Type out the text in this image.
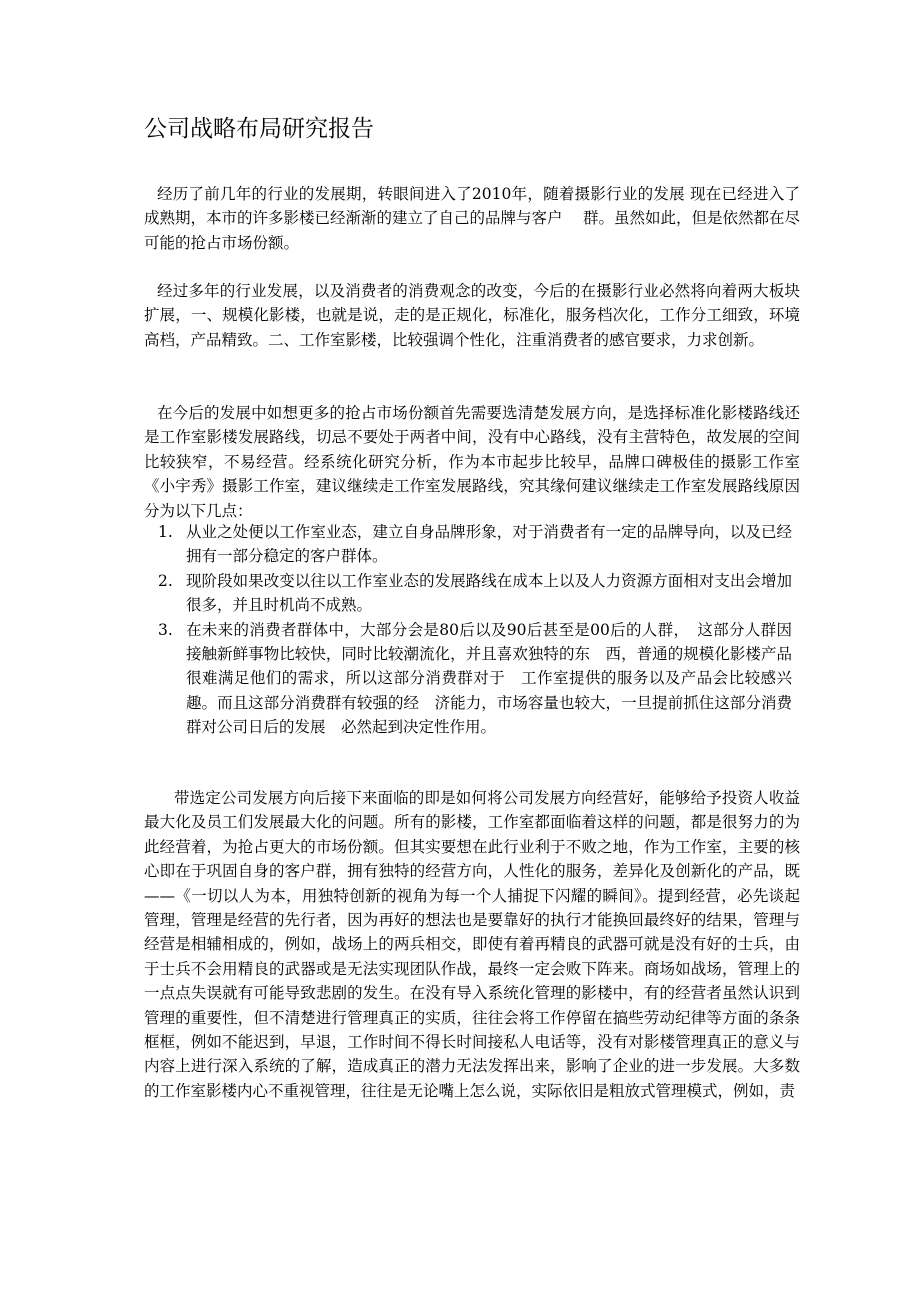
公司战略布局研究报告

经历了前几年的行业的发展期，转眼间进入了2010年，随着摄影行业的发展 现在已经进入了成熟期，本市的许多影楼已经渐渐的建立了自己的品牌与客户　 群。虽然如此，但是依然都在尽可能的抢占市场份额。

经过多年的行业发展，以及消费者的消费观念的改变，今后的在摄影行业必然将向着两大板块扩展，一、规模化影楼，也就是说，走的是正规化，标准化，服务档次化，工作分工细致，环境高档，产品精致。二、工作室影楼，比较强调个性化，注重消费者的感官要求，力求创新。

在今后的发展中如想更多的抢占市场份额首先需要选清楚发展方向，是选择标准化影楼路线还是工作室影楼发展路线，切忌不要处于两者中间，没有中心路线，没有主营特色，故发展的空间比较狭窄，不易经营。经系统化研究分析，作为本市起步比较早，品牌口碑极佳的摄影工作室《小宇秀》摄影工作室，建议继续走工作室发展路线，究其缘何建议继续走工作室发展路线原因分为以下几点：

1. 从业之处便以工作室业态，建立自身品牌形象，对于消费者有一定的品牌导向，以及已经拥有一部分稳定的客户群体。
2. 现阶段如果改变以往以工作室业态的发展路线在成本上以及人力资源方面相对支出会增加很多，并且时机尚不成熟。
3. 在未来的消费者群体中，大部分会是80后以及90后甚至是00后的人群，　这部分人群因接触新鲜事物比较快，同时比较潮流化，并且喜欢独特的东　西，普通的规模化影楼产品很难满足他们的需求，所以这部分消费群对于　工作室提供的服务以及产品会比较感兴趣。而且这部分消费群有较强的经　济能力，市场容量也较大，一旦提前抓住这部分消费群对公司日后的发展　必然起到决定性作用。

带选定公司发展方向后接下来面临的即是如何将公司发展方向经营好，能够给予投资人收益最大化及员工们发展最大化的问题。所有的影楼，工作室都面临着这样的问题，都是很努力的为此经营着，为抢占更大的市场份额。但其实要想在此行业利于不败之地，作为工作室，主要的核心即在于巩固自身的客户群，拥有独特的经营方向，人性化的服务，差异化及创新化的产品，既——《一切以人为本，用独特创新的视角为每一个人捕捉下闪耀的瞬间》。提到经营，必先谈起管理，管理是经营的先行者，因为再好的想法也是要靠好的执行才能换回最终好的结果，管理与经营是相辅相成的，例如，战场上的两兵相交，即使有着再精良的武器可就是没有好的士兵，由于士兵不会用精良的武器或是无法实现团队作战，最终一定会败下阵来。商场如战场，管理上的一点点失误就有可能导致悲剧的发生。在没有导入系统化管理的影楼中，有的经营者虽然认识到管理的重要性，但不清楚进行管理真正的实质，往往会将工作停留在搞些劳动纪律等方面的条条框框，例如不能迟到，早退，工作时间不得长时间接私人电话等，没有对影楼管理真正的意义与内容上进行深入系统的了解，造成真正的潜力无法发挥出来，影响了企业的进一步发展。大多数的工作室影楼内心不重视管理，往往是无论嘴上怎么说，实际依旧是粗放式管理模式，例如，责
